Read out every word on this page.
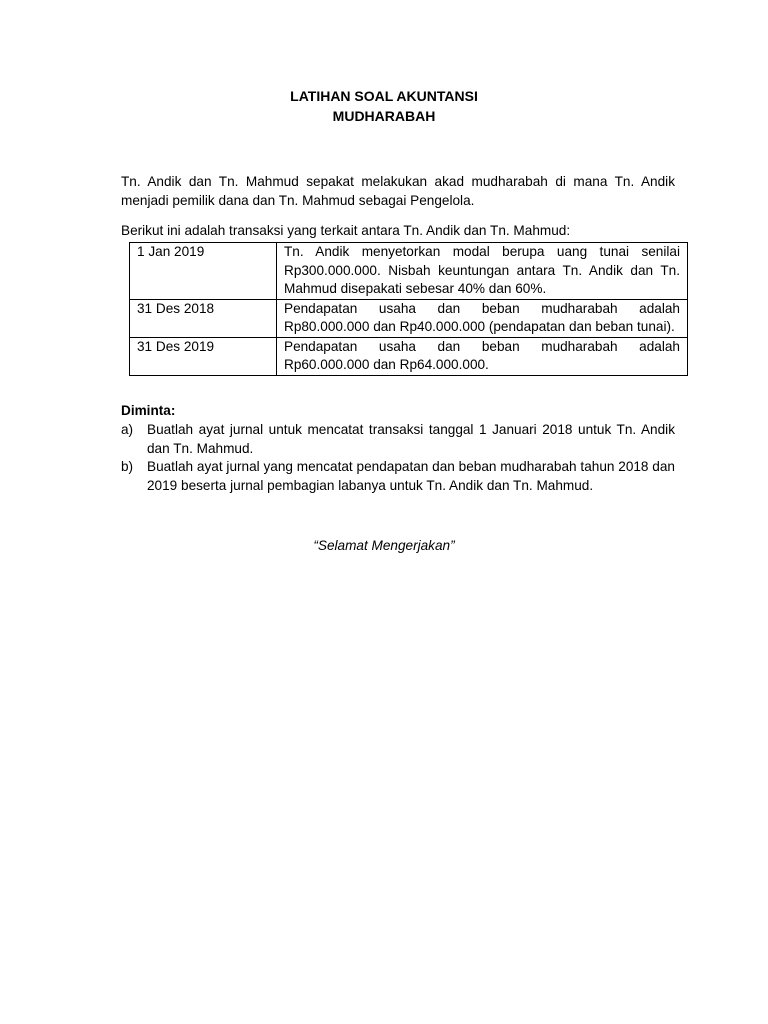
LATIHAN SOAL AKUNTANSI
MUDHARABAH
Tn. Andik dan Tn. Mahmud sepakat melakukan akad mudharabah di mana Tn. Andik menjadi pemilik dana dan Tn. Mahmud sebagai Pengelola.
Berikut ini adalah transaksi yang terkait antara Tn. Andik dan Tn. Mahmud:
1 Jan 2019	Tn. Andik menyetorkan modal berupa uang tunai senilai Rp300.000.000. Nisbah keuntungan antara Tn. Andik dan Tn. Mahmud disepakati sebesar 40% dan 60%.
31 Des 2018	Pendapatan usaha dan beban mudharabah adalah Rp80.000.000 dan Rp40.000.000 (pendapatan dan beban tunai).
31 Des 2019	Pendapatan usaha dan beban mudharabah adalah Rp60.000.000 dan Rp64.000.000.
Diminta:
a)	Buatlah ayat jurnal untuk mencatat transaksi tanggal 1 Januari 2018 untuk Tn. Andik dan Tn. Mahmud.
b)	Buatlah ayat jurnal yang mencatat pendapatan dan beban mudharabah tahun 2018 dan 2019 beserta jurnal pembagian labanya untuk Tn. Andik dan Tn. Mahmud.
“Selamat Mengerjakan”
